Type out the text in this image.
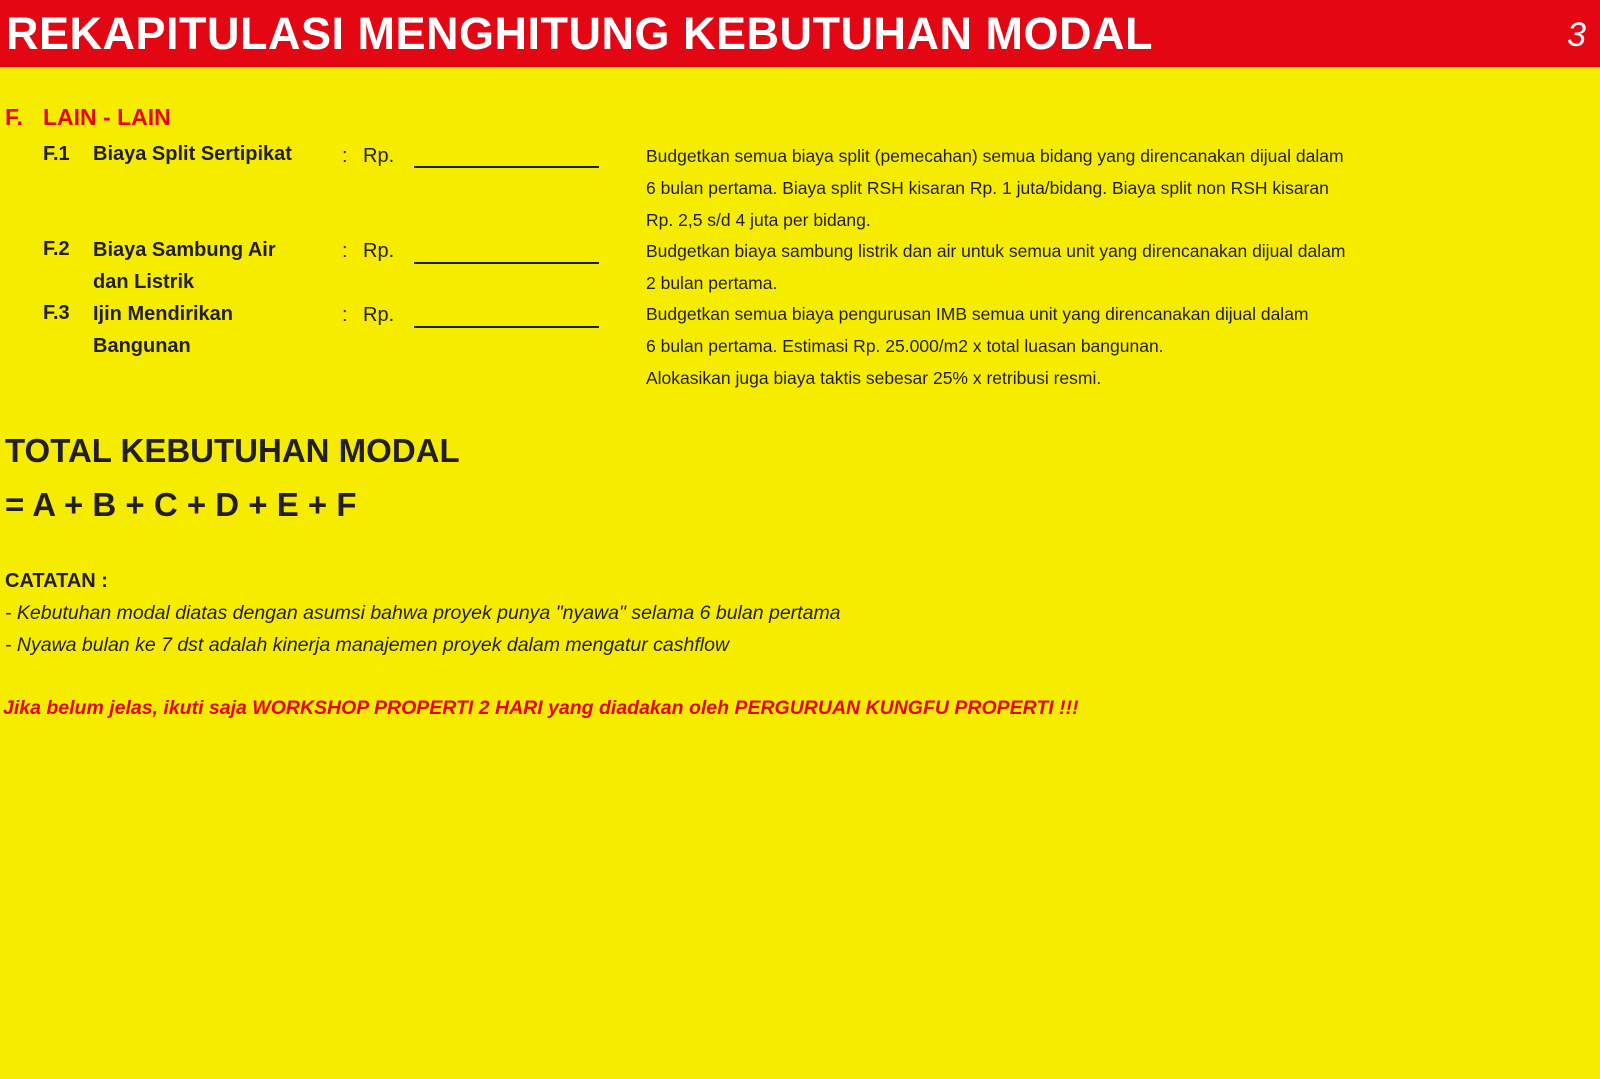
REKAPITULASI MENGHITUNG KEBUTUHAN MODAL	3
F. LAIN - LAIN
F.1 Biaya Split Sertipikat	: Rp.	Budgetkan semua biaya split (pemecahan) semua bidang yang direncanakan dijual dalam
6 bulan pertama. Biaya split RSH kisaran Rp. 1 juta/bidang. Biaya split non RSH kisaran
Rp. 2,5 s/d 4 juta per bidang.
F.2 Biaya Sambung Air
dan Listrik
: Rp.	Budgetkan biaya sambung listrik dan air untuk semua unit yang direncanakan dijual dalam
2 bulan pertama.
F.3 Ijin Mendirikan
Bangunan
: Rp.	Budgetkan semua biaya pengurusan IMB semua unit yang direncanakan dijual dalam
6 bulan pertama. Estimasi Rp. 25.000/m2 x total luasan bangunan.
Alokasikan juga biaya taktis sebesar 25% x retribusi resmi.
TOTAL KEBUTUHAN MODAL
= A + B + C + D + E + F
CATATAN :
- Kebutuhan modal diatas dengan asumsi bahwa proyek punya "nyawa" selama 6 bulan pertama
- Nyawa bulan ke 7 dst adalah kinerja manajemen proyek dalam mengatur cashflow
Jika belum jelas, ikuti saja WORKSHOP PROPERTI 2 HARI yang diadakan oleh PERGURUAN KUNGFU PROPERTI !!!
